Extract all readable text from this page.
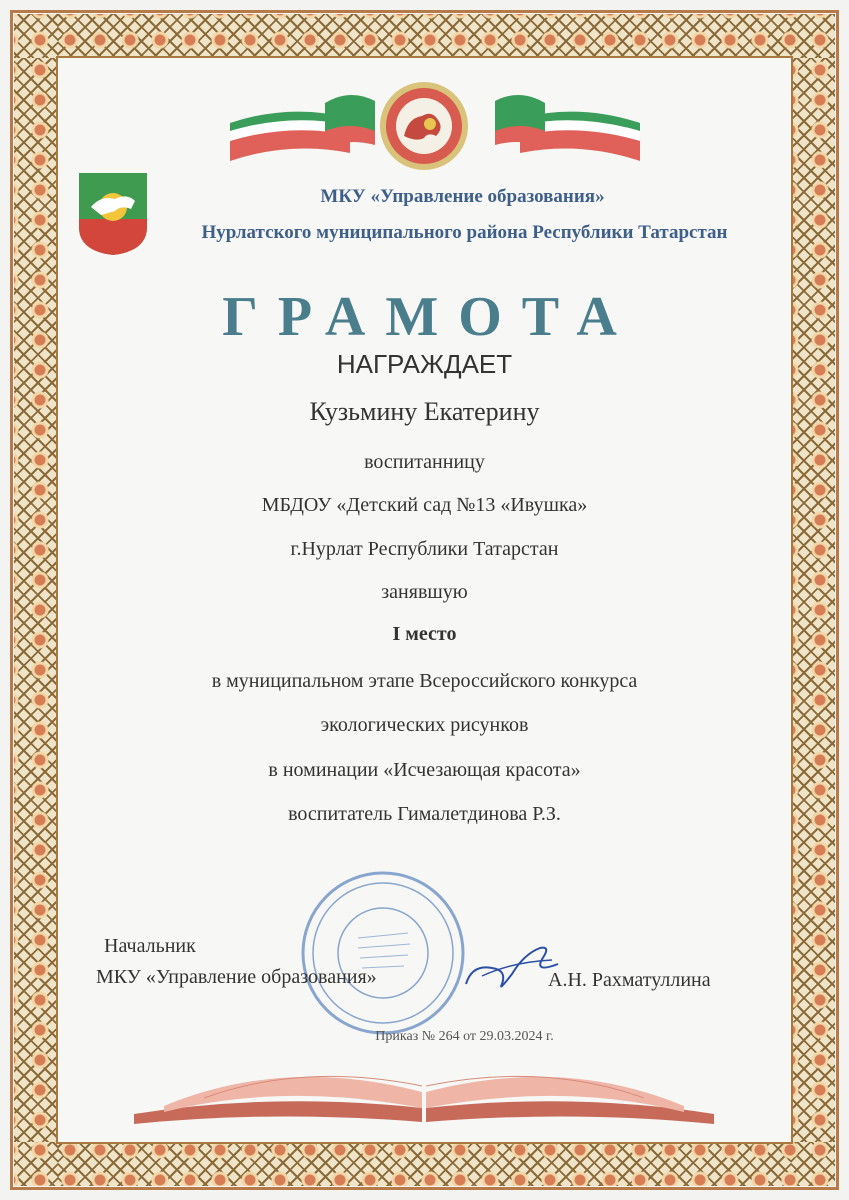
МКУ «Управление образования»
Нурлатского муниципального района Республики Татарстан
ГРАМОТА
НАГРАЖДАЕТ
Кузьмину Екатерину
воспитанницу
МБДОУ «Детский сад №13 «Ивушка»
г.Нурлат Республики Татарстан
занявшую
I место
в муниципальном этапе Всероссийского конкурса
экологических рисунков
в номинации «Исчезающая красота»
воспитатель Гималетдинова Р.З.
Начальник
МКУ «Управление образования»	А.Н. Рахматуллина
Приказ № 264 от 29.03.2024 г.
